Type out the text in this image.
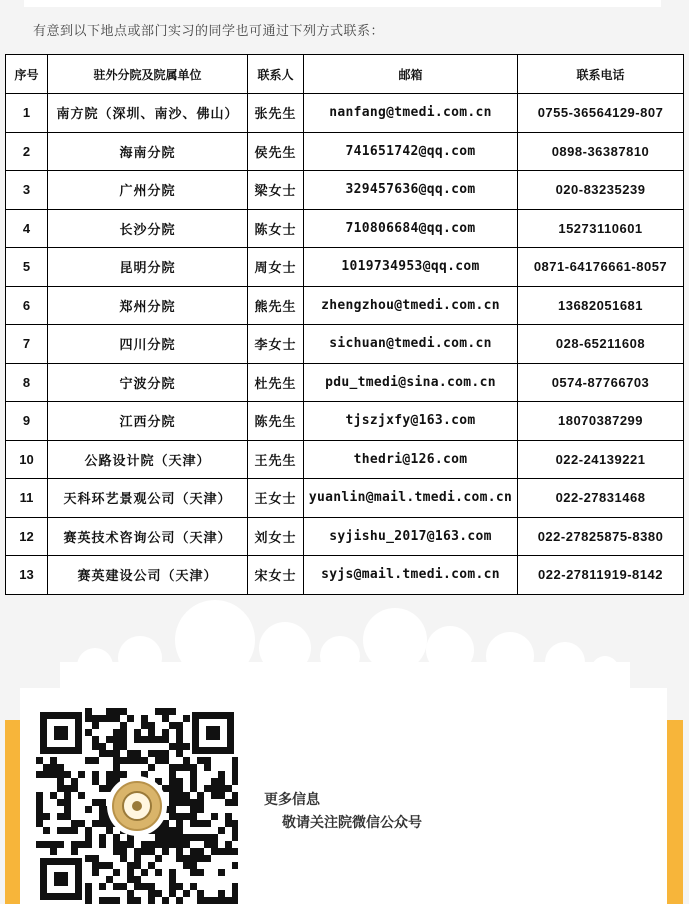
有意到以下地点或部门实习的同学也可通过下列方式联系：
序号	驻外分院及院属单位	联系人	邮箱	联系电话
1	南方院（深圳、南沙、佛山）	张先生	nanfang@tmedi.com.cn	0755-36564129-807
2	海南分院	侯先生	741651742@qq.com	0898-36387810
3	广州分院	梁女士	329457636@qq.com	020-83235239
4	长沙分院	陈女士	710806684@qq.com	15273110601
5	昆明分院	周女士	1019734953@qq.com	0871-64176661-8057
6	郑州分院	熊先生	zhengzhou@tmedi.com.cn	13682051681
7	四川分院	李女士	sichuan@tmedi.com.cn	028-65211608
8	宁波分院	杜先生	pdu_tmedi@sina.com.cn	0574-87766703
9	江西分院	陈先生	tjszjxfy@163.com	18070387299
10	公路设计院（天津）	王先生	thedri@126.com	022-24139221
11	天科环艺景观公司（天津）	王女士	yuanlin@mail.tmedi.com.cn	022-27831468
12	赛英技术咨询公司（天津）	刘女士	syjishu_2017@163.com	022-27825875-8380
13	赛英建设公司（天津）	宋女士	syjs@mail.tmedi.com.cn	022-27811919-8142
更多信息
敬请关注院微信公众号
